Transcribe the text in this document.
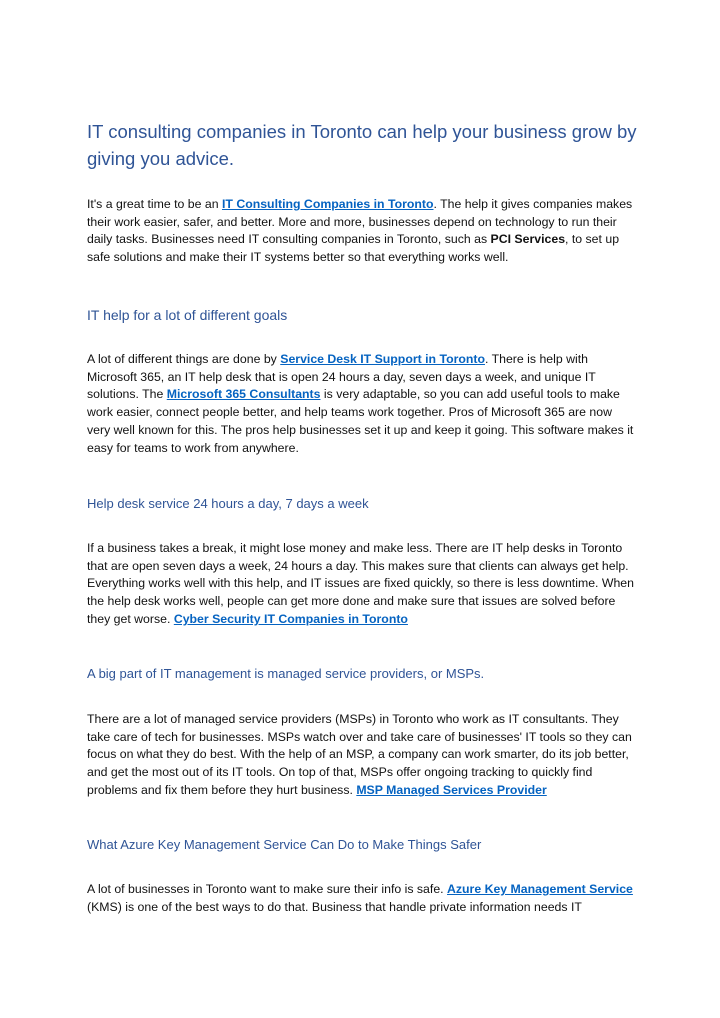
IT consulting companies in Toronto can help your business grow by giving you advice.

It's a great time to be an IT Consulting Companies in Toronto. The help it gives companies makes their work easier, safer, and better. More and more, businesses depend on technology to run their daily tasks. Businesses need IT consulting companies in Toronto, such as PCI Services, to set up safe solutions and make their IT systems better so that everything works well.

IT help for a lot of different goals

A lot of different things are done by Service Desk IT Support in Toronto. There is help with Microsoft 365, an IT help desk that is open 24 hours a day, seven days a week, and unique IT solutions. The Microsoft 365 Consultants is very adaptable, so you can add useful tools to make work easier, connect people better, and help teams work together. Pros of Microsoft 365 are now very well known for this. The pros help businesses set it up and keep it going. This software makes it easy for teams to work from anywhere.

Help desk service 24 hours a day, 7 days a week

If a business takes a break, it might lose money and make less. There are IT help desks in Toronto that are open seven days a week, 24 hours a day. This makes sure that clients can always get help. Everything works well with this help, and IT issues are fixed quickly, so there is less downtime. When the help desk works well, people can get more done and make sure that issues are solved before they get worse. Cyber Security IT Companies in Toronto

A big part of IT management is managed service providers, or MSPs.

There are a lot of managed service providers (MSPs) in Toronto who work as IT consultants. They take care of tech for businesses. MSPs watch over and take care of businesses' IT tools so they can focus on what they do best. With the help of an MSP, a company can work smarter, do its job better, and get the most out of its IT tools. On top of that, MSPs offer ongoing tracking to quickly find problems and fix them before they hurt business. MSP Managed Services Provider

What Azure Key Management Service Can Do to Make Things Safer

A lot of businesses in Toronto want to make sure their info is safe. Azure Key Management Service (KMS) is one of the best ways to do that. Business that handle private information needs IT
